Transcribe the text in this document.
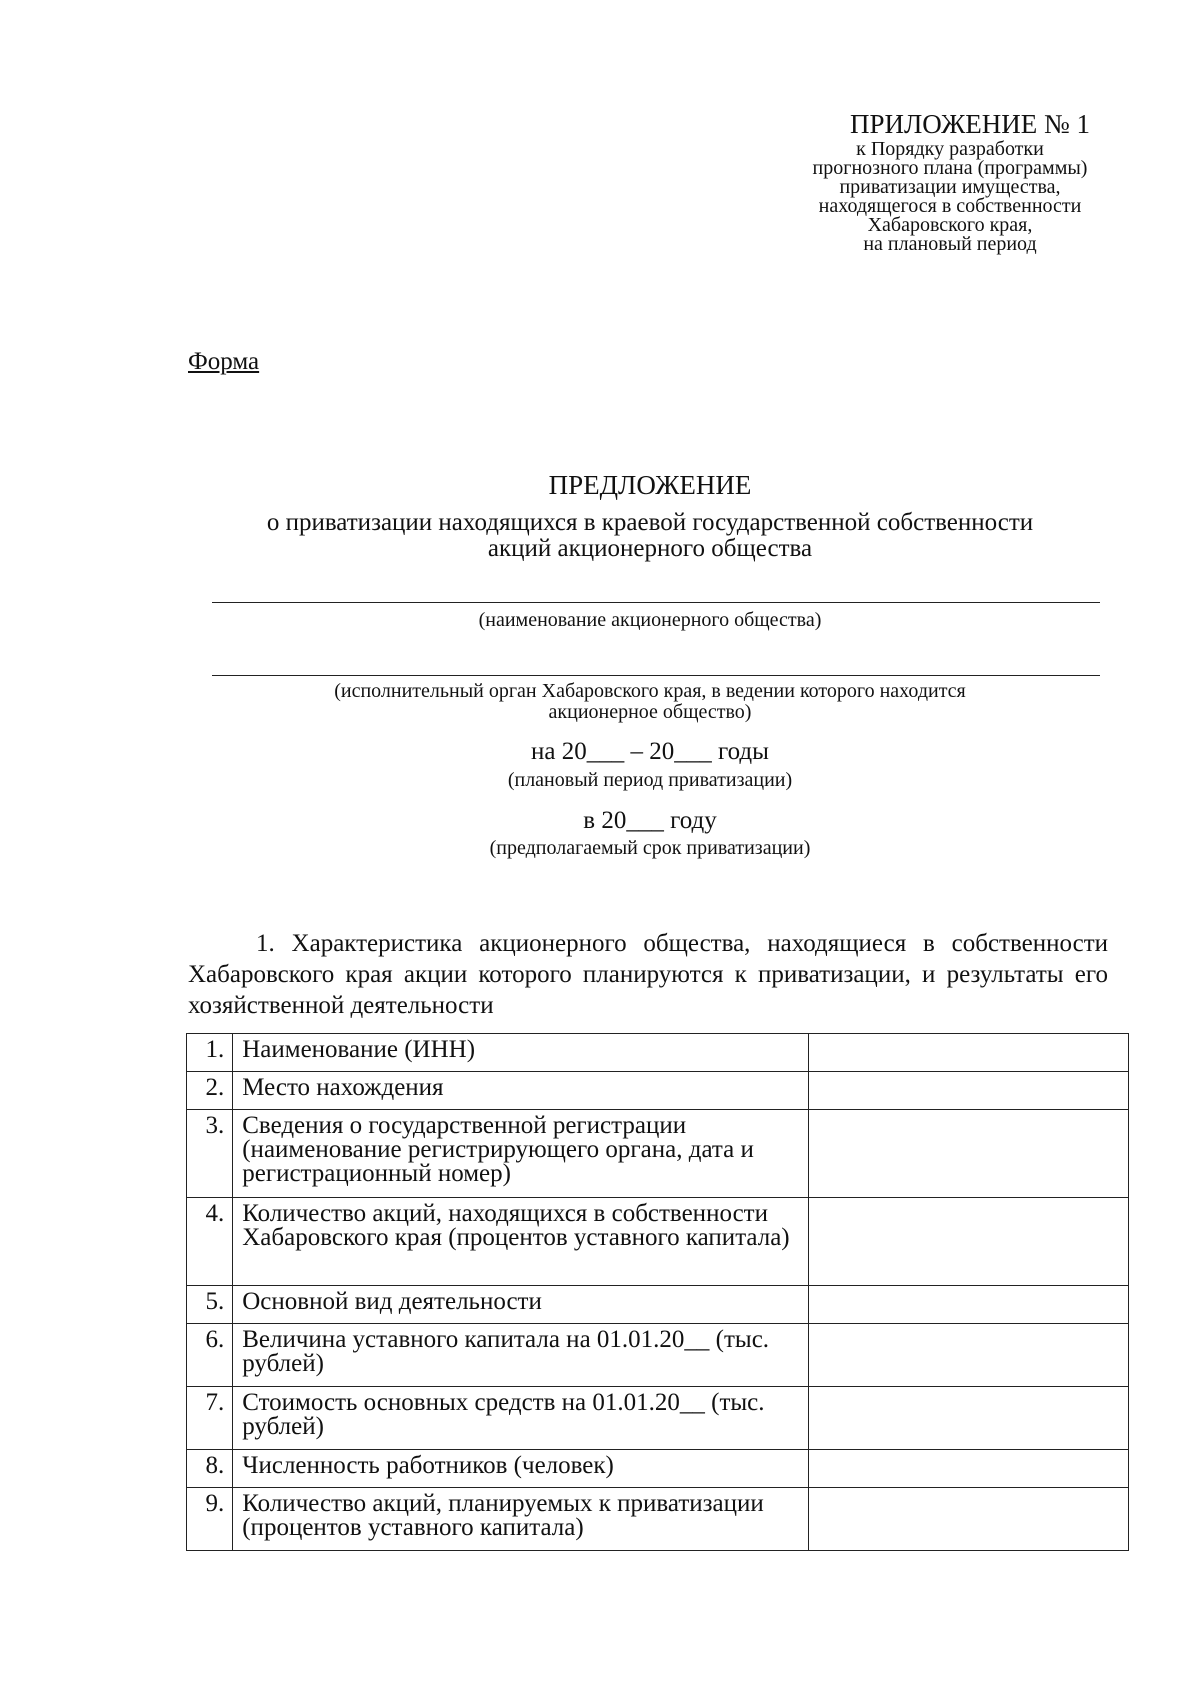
ПРИЛОЖЕНИЕ № 1
к Порядку разработки
прогнозного плана (программы)
приватизации имущества,
находящегося в собственности
Хабаровского края,
на плановый период
Форма
ПРЕДЛОЖЕНИЕ
о приватизации находящихся в краевой государственной собственности
акций акционерного общества
(наименование акционерного общества)
(исполнительный орган Хабаровского края, в ведении которого находится
акционерное общество)
на 20___ – 20___ годы
(плановый период приватизации)
в 20___ году
(предполагаемый срок приватизации)
1. Характеристика акционерного общества, находящиеся в собственности Хабаровского края акции которого планируются к приватизации, и результаты его хозяйственной деятельности
1.	Наименование (ИНН)	
2.	Место нахождения	
3.	Сведения о государственной регистрации (наименование регистрирующего органа, дата и регистрационный номер)	
4.	Количество акций, находящихся в собственности Хабаровского края (процентов уставного капитала)	
5.	Основной вид деятельности	
6.	Величина уставного капитала на 01.01.20__ (тыс. рублей)	
7.	Стоимость основных средств на 01.01.20__ (тыс. рублей)	
8.	Численность работников (человек)	
9.	Количество акций, планируемых к приватизации (процентов уставного капитала)	
